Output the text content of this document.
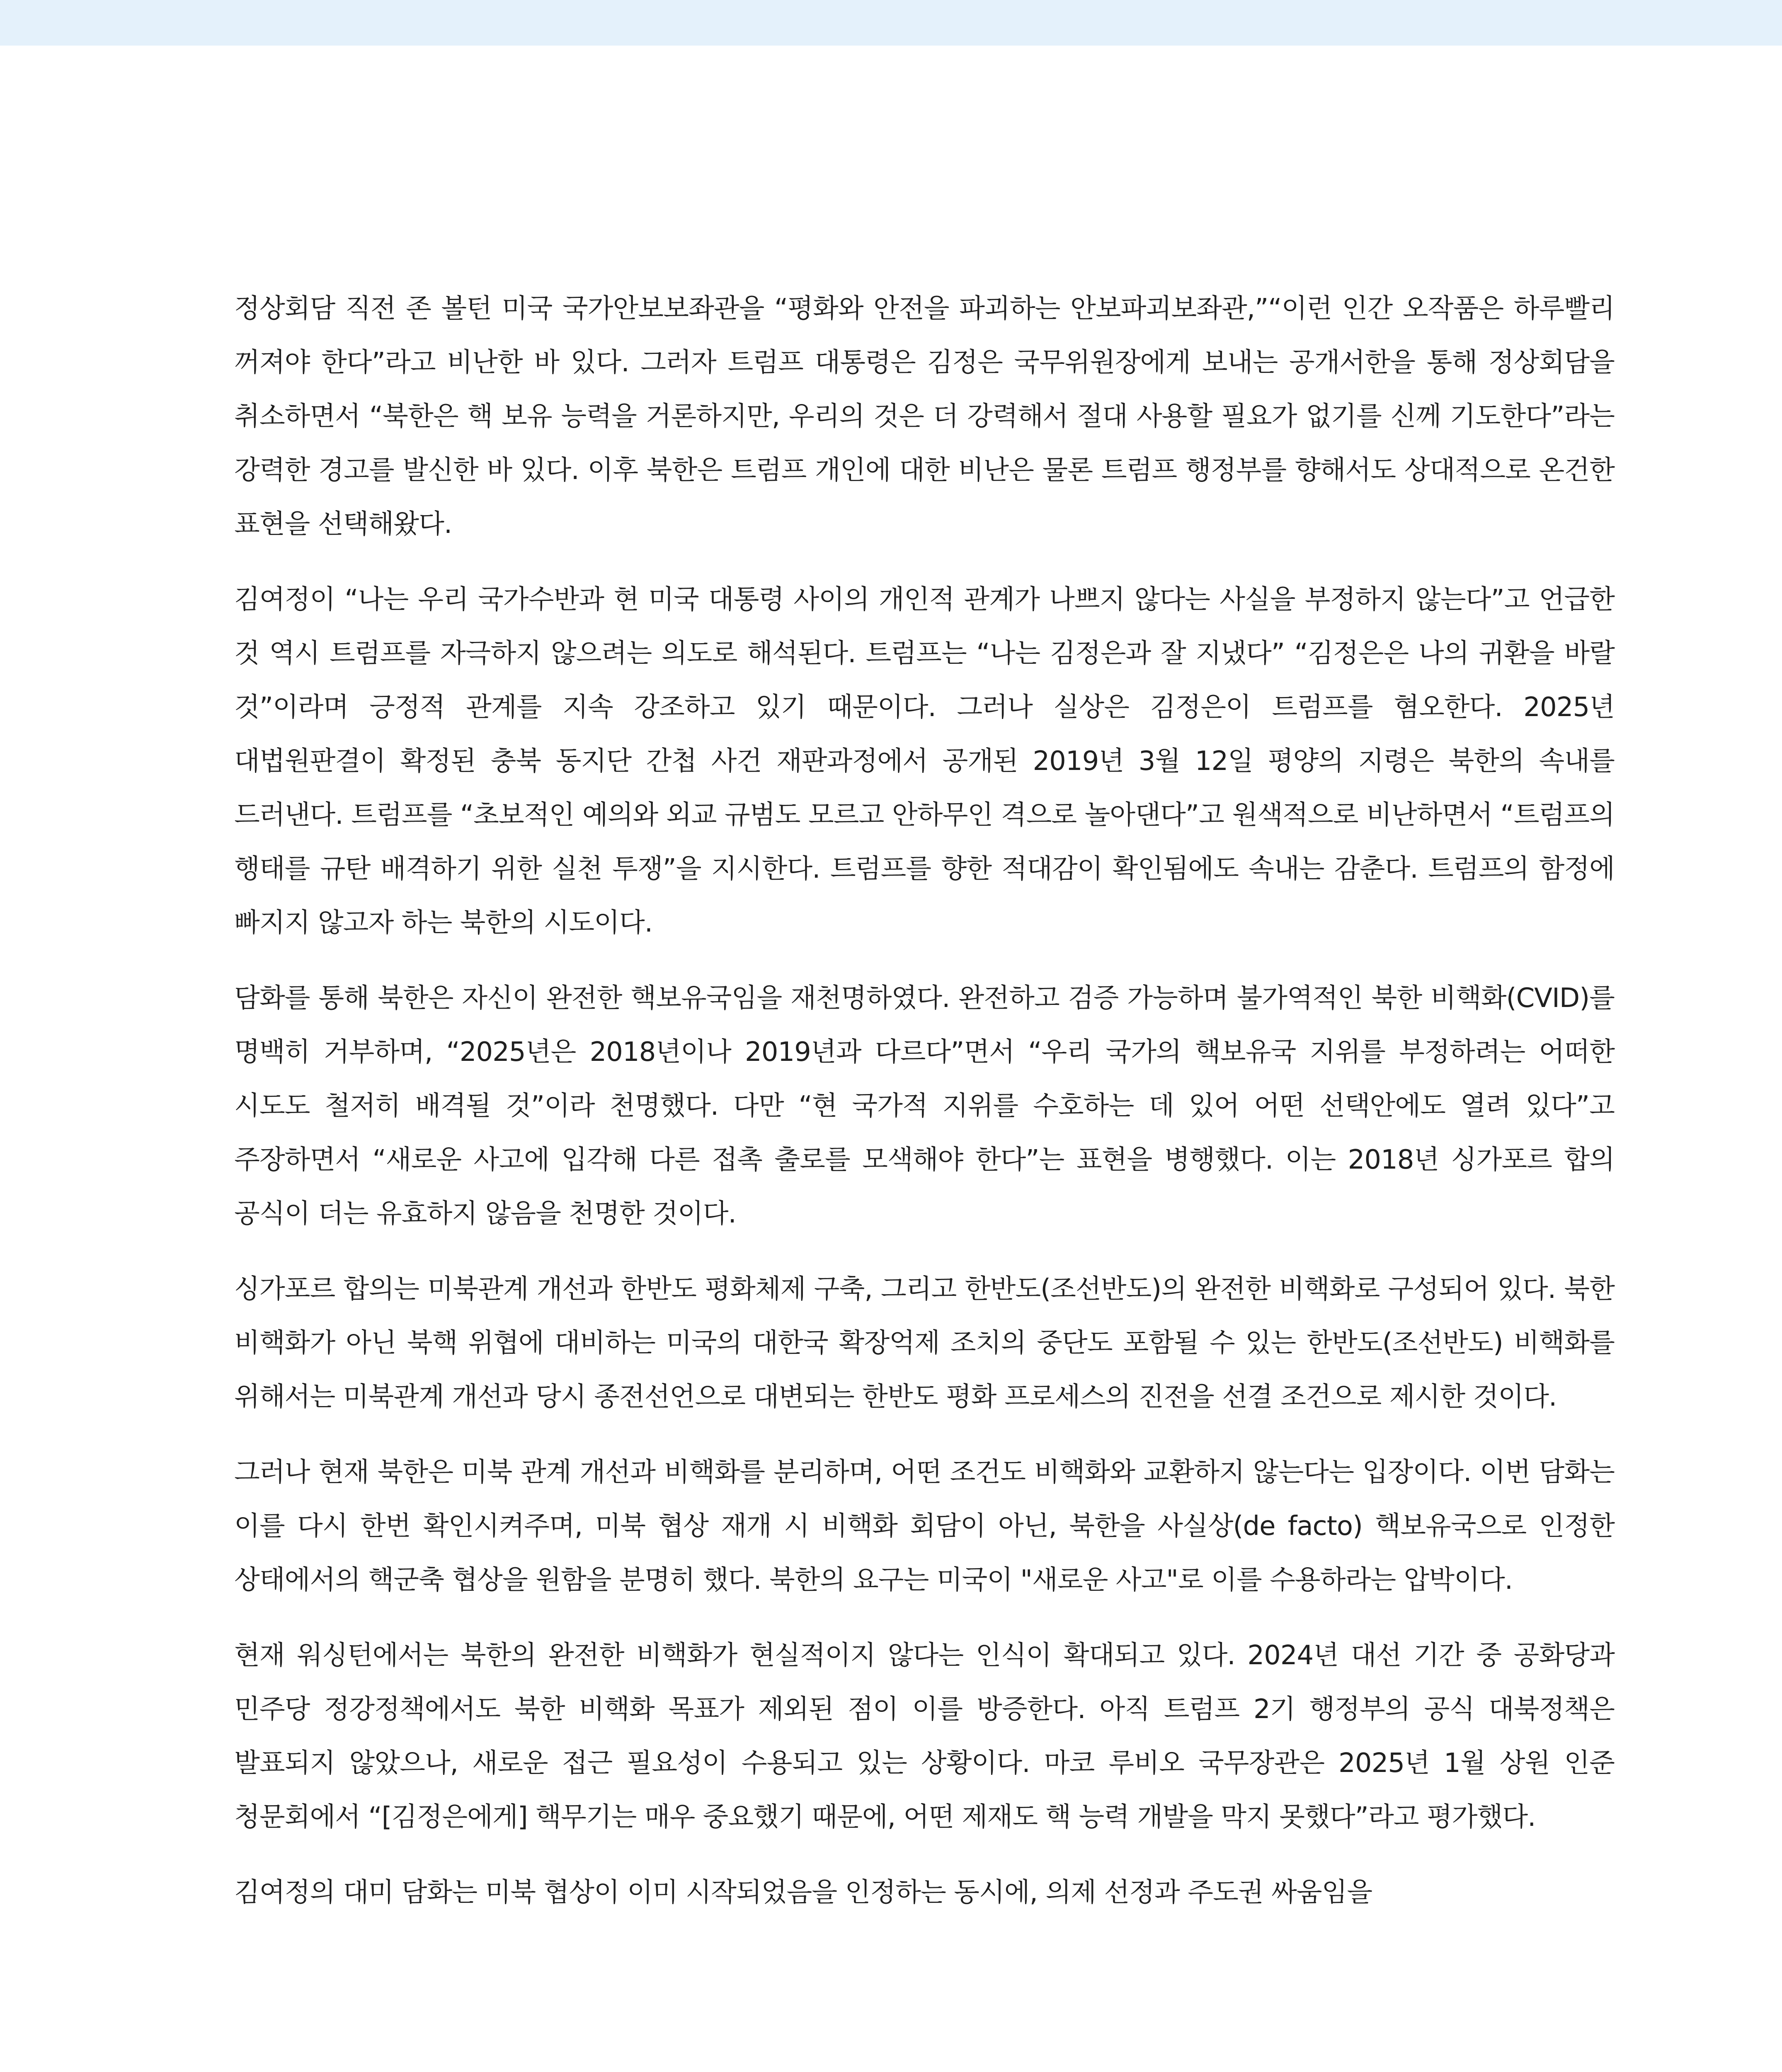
정상회담 직전 존 볼턴 미국 국가안보보좌관을 “평화와 안전을 파괴하는 안보파괴보좌관,”“이런 인간 오작품은 하루빨리 꺼져야 한다”라고 비난한 바 있다. 그러자 트럼프 대통령은 김정은 국무위원장에게 보내는 공개서한을 통해 정상회담을 취소하면서 “북한은 핵 보유 능력을 거론하지만, 우리의 것은 더 강력해서 절대 사용할 필요가 없기를 신께 기도한다”라는 강력한 경고를 발신한 바 있다. 이후 북한은 트럼프 개인에 대한 비난은 물론 트럼프 행정부를 향해서도 상대적으로 온건한 표현을 선택해왔다.

김여정이 “나는 우리 국가수반과 현 미국 대통령 사이의 개인적 관계가 나쁘지 않다는 사실을 부정하지 않는다”고 언급한 것 역시 트럼프를 자극하지 않으려는 의도로 해석된다. 트럼프는 “나는 김정은과 잘 지냈다” “김정은은 나의 귀환을 바랄 것”이라며 긍정적 관계를 지속 강조하고 있기 때문이다. 그러나 실상은 김정은이 트럼프를 혐오한다. 2025년 대법원판결이 확정된 충북 동지단 간첩 사건 재판과정에서 공개된 2019년 3월 12일 평양의 지령은 북한의 속내를 드러낸다. 트럼프를 “초보적인 예의와 외교 규범도 모르고 안하무인 격으로 놀아댄다”고 원색적으로 비난하면서 “트럼프의 행태를 규탄 배격하기 위한 실천 투쟁”을 지시한다. 트럼프를 향한 적대감이 확인됨에도 속내는 감춘다. 트럼프의 함정에 빠지지 않고자 하는 북한의 시도이다.

담화를 통해 북한은 자신이 완전한 핵보유국임을 재천명하였다. 완전하고 검증 가능하며 불가역적인 북한 비핵화(CVID)를 명백히 거부하며, “2025년은 2018년이나 2019년과 다르다”면서 “우리 국가의 핵보유국 지위를 부정하려는 어떠한 시도도 철저히 배격될 것”이라 천명했다. 다만 “현 국가적 지위를 수호하는 데 있어 어떤 선택안에도 열려 있다”고 주장하면서 “새로운 사고에 입각해 다른 접촉 출로를 모색해야 한다”는 표현을 병행했다. 이는 2018년 싱가포르 합의 공식이 더는 유효하지 않음을 천명한 것이다.

싱가포르 합의는 미북관계 개선과 한반도 평화체제 구축, 그리고 한반도(조선반도)의 완전한 비핵화로 구성되어 있다. 북한 비핵화가 아닌 북핵 위협에 대비하는 미국의 대한국 확장억제 조치의 중단도 포함될 수 있는 한반도(조선반도) 비핵화를 위해서는 미북관계 개선과 당시 종전선언으로 대변되는 한반도 평화 프로세스의 진전을 선결 조건으로 제시한 것이다.

그러나 현재 북한은 미북 관계 개선과 비핵화를 분리하며, 어떤 조건도 비핵화와 교환하지 않는다는 입장이다. 이번 담화는 이를 다시 한번 확인시켜주며, 미북 협상 재개 시 비핵화 회담이 아닌, 북한을 사실상(de facto) 핵보유국으로 인정한 상태에서의 핵군축 협상을 원함을 분명히 했다. 북한의 요구는 미국이 "새로운 사고"로 이를 수용하라는 압박이다.

현재 워싱턴에서는 북한의 완전한 비핵화가 현실적이지 않다는 인식이 확대되고 있다. 2024년 대선 기간 중 공화당과 민주당 정강정책에서도 북한 비핵화 목표가 제외된 점이 이를 방증한다. 아직 트럼프 2기 행정부의 공식 대북정책은 발표되지 않았으나, 새로운 접근 필요성이 수용되고 있는 상황이다. 마코 루비오 국무장관은 2025년 1월 상원 인준 청문회에서 “[김정은에게] 핵무기는 매우 중요했기 때문에, 어떤 제재도 핵 능력 개발을 막지 못했다”라고 평가했다.

김여정의 대미 담화는 미북 협상이 이미 시작되었음을 인정하는 동시에, 의제 선정과 주도권 싸움임을
